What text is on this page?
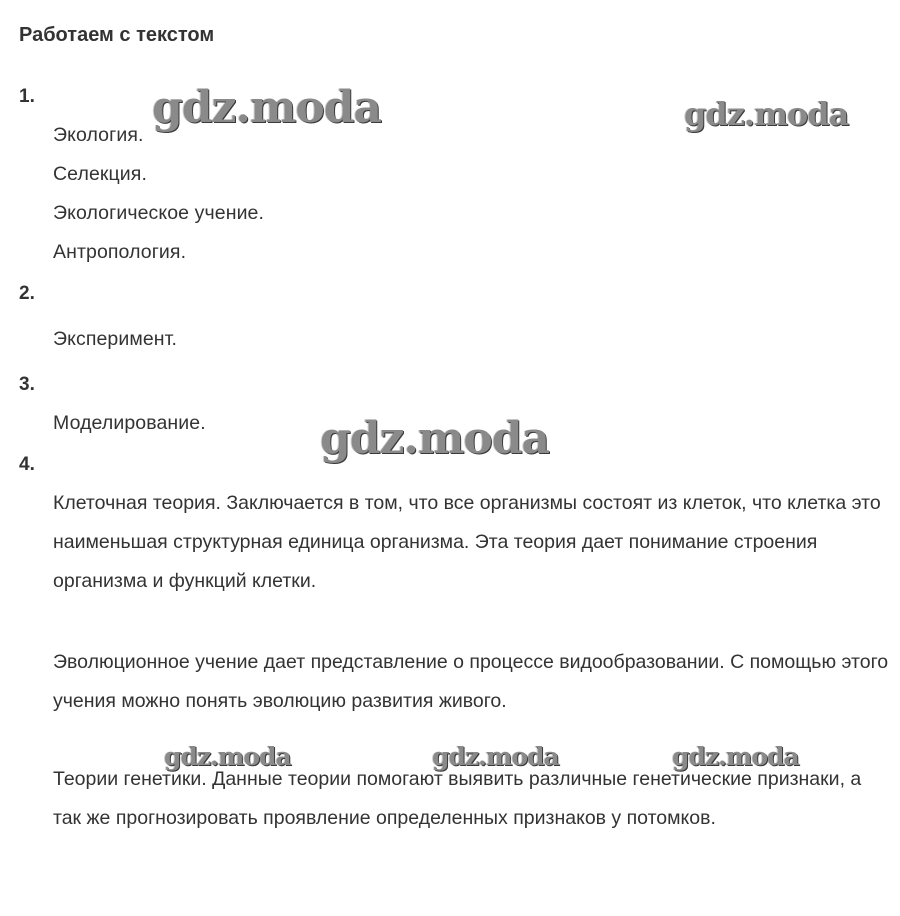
Работаем с текстом
1.
Экология.
Селекция.
Экологическое учение.
Антропология.
2.
Эксперимент.
3.
Моделирование.
4.

Клеточная теория. Заключается в том, что все организмы состоят из клеток, что клетка это наименьшая структурная единица организма. Эта теория дает понимание строения организма и функций клетки.

Эволюционное учение дает представление о процессе видообразовании. С помощью этого учения можно понять эволюцию развития живого.

Теории генетики. Данные теории помогают выявить различные генетические признаки, а так же прогнозировать проявление определенных признаков у потомков.

gdz.moda	gdz.moda
gdz.moda
gdz.moda	gdz.moda	gdz.moda
